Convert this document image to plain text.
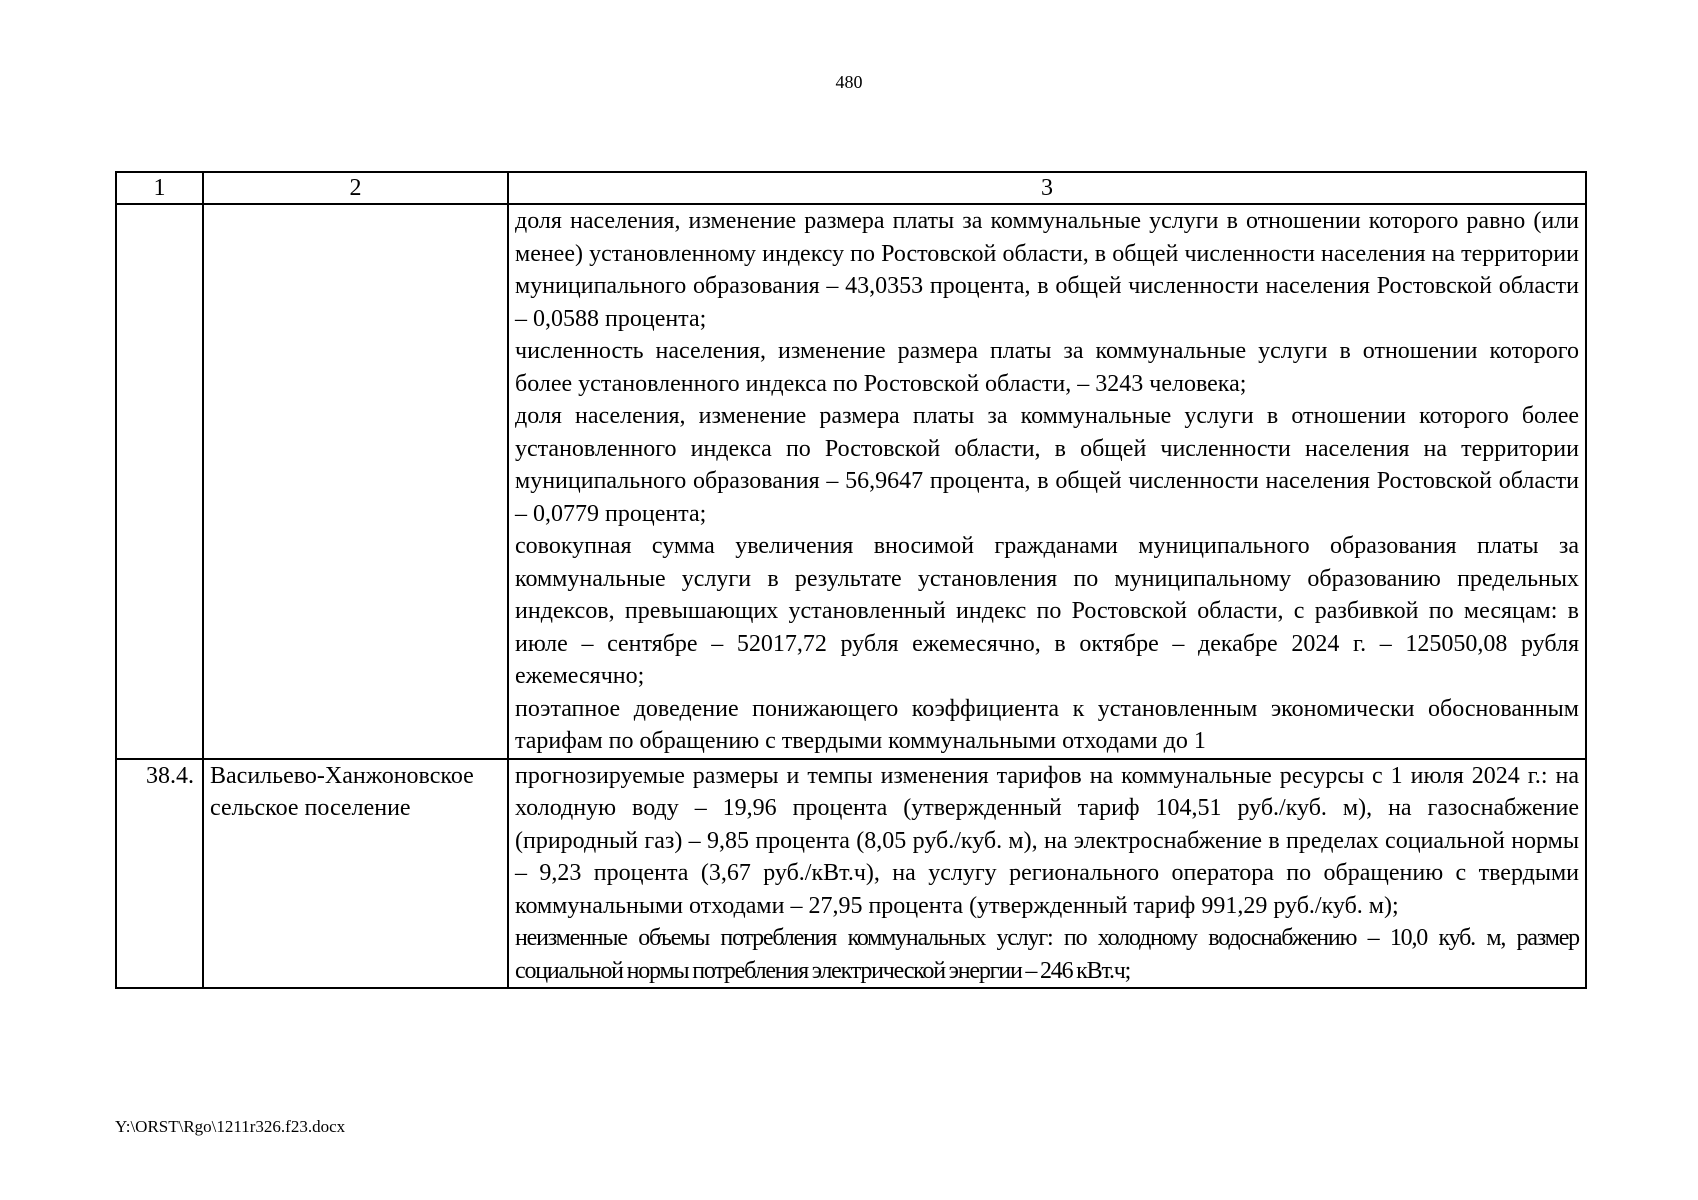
480
1	2	3

		доля населения, изменение размера платы за коммунальные услуги в отношении которого равно (или менее) установленному индексу по Ростовской области, в общей численности населения на территории муниципального образования – 43,0353 процента, в общей численности населения Ростовской области – 0,0588 процента;
численность населения, изменение размера платы за коммунальные услуги в отношении которого более установленного индекса по Ростовской области, – 3243 человека;
доля населения, изменение размера платы за коммунальные услуги в отношении которого более установленного индекса по Ростовской области, в общей численности населения на территории муниципального образования – 56,9647 процента, в общей численности населения Ростовской области – 0,0779 процента;
совокупная сумма увеличения вносимой гражданами муниципального образования платы за коммунальные услуги в результате установления по муниципальному образованию предельных индексов, превышающих установленный индекс по Ростовской области, с разбивкой по месяцам: в июле – сентябре – 52017,72 рубля ежемесячно, в октябре – декабре 2024 г. – 125050,08 рубля ежемесячно;
поэтапное доведение понижающего коэффициента к установленным экономически обоснованным тарифам по обращению с твердыми коммунальными отходами до 1

38.4.	Васильево-Ханжоновское сельское поселение	прогнозируемые размеры и темпы изменения тарифов на коммунальные ресурсы с 1 июля 2024 г.: на холодную воду – 19,96 процента (утвержденный тариф 104,51 руб./куб. м), на газоснабжение (природный газ) – 9,85 процента (8,05 руб./куб. м), на электроснабжение в пределах социальной нормы – 9,23 процента (3,67 руб./кВт.ч), на услугу регионального оператора по обращению с твердыми коммунальными отходами – 27,95 процента (утвержденный тариф 991,29 руб./куб. м);
неизменные объемы потребления коммунальных услуг: по холодному водоснабжению – 10,0 куб. м, размер социальной нормы потребления электрической энергии – 246 кВт.ч;
Y:\ORST\Rgo\1211r326.f23.docx
